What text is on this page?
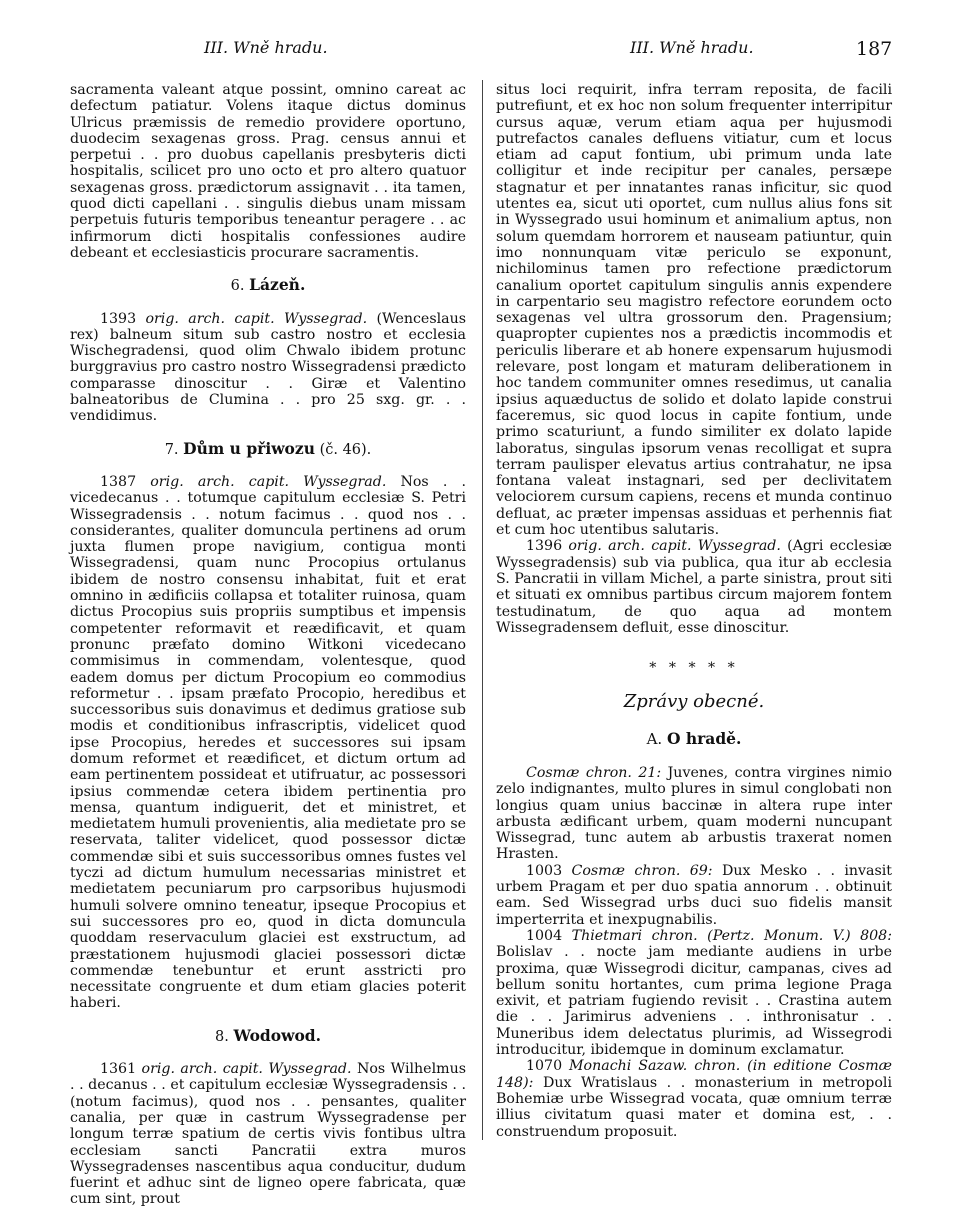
III. Wně hradu.	III. Wně hradu.	187

sacramenta valeant atque possint, omnino careat ac defectum patiatur. Volens itaque dictus dominus Ulricus præmissis de remedio providere oportuno, duodecim sexagenas gross. Prag. census annui et perpetui . . pro duobus capellanis presbyteris dicti hospitalis, scilicet pro uno octo et pro altero quatuor sexagenas gross. prædictorum assignavit . . ita tamen, quod dicti capellani . . singulis diebus unam missam perpetuis futuris temporibus teneantur peragere . . ac infirmorum dicti hospitalis confessiones audire debeant et ecclesiasticis procurare sacramentis.

6. Lázeň.

1393 orig. arch. capit. Wyssegrad. (Wenceslaus rex) balneum situm sub castro nostro et ecclesia Wischegradensi, quod olim Chwalo ibidem protunc burggravius pro castro nostro Wissegradensi prædicto comparasse dinoscitur . . Giræ et Valentino balneatoribus de Clumina . . pro 25 sxg. gr. . . vendidimus.

7. Dům u přiwozu (č. 46).

1387 orig. arch. capit. Wyssegrad. Nos . . vicedecanus . . totumque capitulum ecclesiæ S. Petri Wissegradensis . . notum facimus . . quod nos . . considerantes, qualiter domuncula pertinens ad orum juxta flumen prope navigium, contigua monti Wissegradensi, quam nunc Procopius ortulanus ibidem de nostro consensu inhabitat, fuit et erat omnino in ædificiis collapsa et totaliter ruinosa, quam dictus Procopius suis propriis sumptibus et impensis competenter reformavit et reædificavit, et quam pronunc præfato domino Witkoni vicedecano commisimus in commendam, volentesque, quod eadem domus per dictum Procopium eo commodius reformetur . . ipsam præfato Procopio, heredibus et successoribus suis donavimus et dedimus gratiose sub modis et conditionibus infrascriptis, videlicet quod ipse Procopius, heredes et successores sui ipsam domum reformet et reædificet, et dictum ortum ad eam pertinentem possideat et utifruatur, ac possessori ipsius commendæ cetera ibidem pertinentia pro mensa, quantum indiguerit, det et ministret, et medietatem humuli provenientis, alia medietate pro se reservata, taliter videlicet, quod possessor dictæ commendæ sibi et suis successoribus omnes fustes vel tyczi ad dictum humulum necessarias ministret et medietatem pecuniarum pro carpsoribus hujusmodi humuli solvere omnino teneatur, ipseque Procopius et sui successores pro eo, quod in dicta domuncula quoddam reservaculum glaciei est exstructum, ad præstationem hujusmodi glaciei possessori dictæ commendæ tenebuntur et erunt asstricti pro necessitate congruente et dum etiam glacies poterit haberi.

8. Wodowod.

1361 orig. arch. capit. Wyssegrad. Nos Wilhelmus . . decanus . . et capitulum ecclesiæ Wyssegradensis . . (notum facimus), quod nos . . pensantes, qualiter canalia, per quæ in castrum Wyssegradense per longum terræ spatium de certis vivis fontibus ultra ecclesiam sancti Pancratii extra muros Wyssegradenses nascentibus aqua conducitur, dudum fuerint et adhuc sint de ligneo opere fabricata, quæ cum sint, prout

situs loci requirit, infra terram reposita, de facili putrefiunt, et ex hoc non solum frequenter interripitur cursus aquæ, verum etiam aqua per hujusmodi putrefactos canales defluens vitiatur, cum et locus etiam ad caput fontium, ubi primum unda late colligitur et inde recipitur per canales, persæpe stagnatur et per innatantes ranas inficitur, sic quod utentes ea, sicut uti oportet, cum nullus alius fons sit in Wyssegrado usui hominum et animalium aptus, non solum quemdam horrorem et nauseam patiuntur, quin imo nonnunquam vitæ periculo se exponunt, nichilominus tamen pro refectione prædictorum canalium oportet capitulum singulis annis expendere in carpentario seu magistro refectore eorundem octo sexagenas vel ultra grossorum den. Pragensium; quapropter cupientes nos a prædictis incommodis et periculis liberare et ab honere expensarum hujusmodi relevare, post longam et maturam deliberationem in hoc tandem communiter omnes resedimus, ut canalia ipsius aquæductus de solido et dolato lapide construi faceremus, sic quod locus in capite fontium, unde primo scaturiunt, a fundo similiter ex dolato lapide laboratus, singulas ipsorum venas recolligat et supra terram paulisper elevatus artius contrahatur, ne ipsa fontana valeat instagnari, sed per declivitatem velociorem cursum capiens, recens et munda continuo defluat, ac præter impensas assiduas et perhennis fiat et cum hoc utentibus salutaris.

1396 orig. arch. capit. Wyssegrad. (Agri ecclesiæ Wyssegradensis) sub via publica, qua itur ab ecclesia S. Pancratii in villam Michel, a parte sinistra, prout siti et situati ex omnibus partibus circum majorem fontem testudinatum, de quo aqua ad montem Wissegradensem defluit, esse dinoscitur.

* * * * *
Zprávy obecné.
A. O hradě.

Cosmæ chron. 21: Juvenes, contra virgines nimio zelo indignantes, multo plures in simul conglobati non longius quam unius baccinæ in altera rupe inter arbusta ædificant urbem, quam moderni nuncupant Wissegrad, tunc autem ab arbustis traxerat nomen Hrasten.

1003 Cosmæ chron. 69: Dux Mesko . . invasit urbem Pragam et per duo spatia annorum . . obtinuit eam. Sed Wissegrad urbs duci suo fidelis mansit imperterrita et inexpugnabilis.

1004 Thietmari chron. (Pertz. Monum. V.) 808: Bolislav . . nocte jam mediante audiens in urbe proxima, quæ Wissegrodi dicitur, campanas, cives ad bellum sonitu hortantes, cum prima legione Praga exivit, et patriam fugiendo revisit . . Crastina autem die . . Jarimirus adveniens . . inthronisatur . . Muneribus idem delectatus plurimis, ad Wissegrodi introducitur, ibidemque in dominum exclamatur.

1070 Monachi Sazaw. chron. (in editione Cosmæ 148): Dux Wratislaus . . monasterium in metropoli Bohemiæ urbe Wissegrad vocata, quæ omnium terræ illius civitatum quasi mater et domina est, . . construendum proposuit.
